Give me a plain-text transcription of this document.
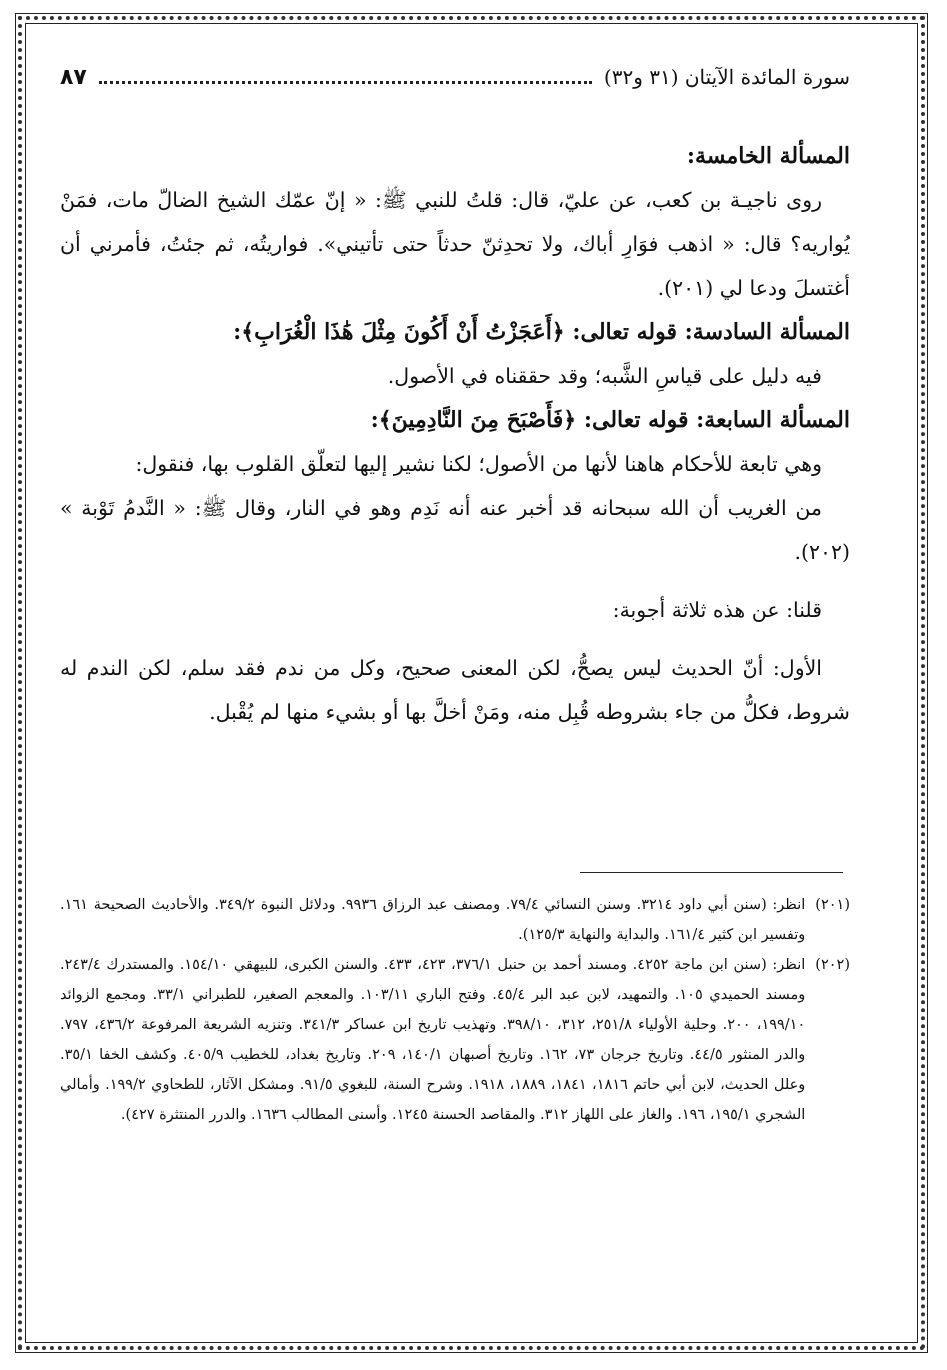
سورة المائدة الآيتان (٣١ و٣٢)
٨٧

المسألة الخامسة:

روى ناجيـة بن كعب، عن عليّ، قال: قلتُ للنبي ﷺ: « إنّ عمّك الشيخ الضالّ مات، فمَنْ يُواريه؟ قال: « اذهب فوَارِ أباك، ولا تحدِثنّ حدثاً حتى تأتيني». فواريتُه، ثم جئتُ، فأمرني أن أغتسلَ ودعا لي (٢٠١).

المسألة السادسة: قوله تعالى: ﴿أَعَجَزْتُ أَنْ أَكُونَ مِثْلَ هَٰذَا الْغُرَابِ﴾:

فيه دليل على قياسِ الشَّبه؛ وقد حققناه في الأصول.

المسألة السابعة: قوله تعالى: ﴿فَأَصْبَحَ مِنَ النَّادِمِينَ﴾:

وهي تابعة للأحكام هاهنا لأنها من الأصول؛ لكنا نشير إليها لتعلّق القلوب بها، فنقول:

من الغريب أن الله سبحانه قد أخبر عنه أنه نَدِم وهو في النار، وقال ﷺ: « النَّدمُ تَوْبة » (٢٠٢).

قلنا: عن هذه ثلاثة أجوبة:

الأول: أنّ الحديث ليس يصحُّ، لكن المعنى صحيح، وكل من ندم فقد سلم، لكن الندم له شروط، فكلُّ من جاء بشروطه قُبِل منه، ومَنْ أخلَّ بها أو بشيء منها لم يُقْبل.

(٢٠١)
انظر: (سنن أبي داود ٣٢١٤. وسنن النسائي ٧٩/٤. ومصنف عبد الرزاق ٩٩٣٦. ودلائل النبوة ٣٤٩/٢. والأحاديث الصحيحة ١٦١. وتفسير ابن كثير ١٦١/٤. والبداية والنهاية ١٢٥/٣).
(٢٠٢)
انظر: (سنن ابن ماجة ٤٢٥٢. ومسند أحمد بن حنبل ٣٧٦/١، ٤٢٣، ٤٣٣. والسنن الكبرى، للبيهقي ١٥٤/١٠. والمستدرك ٢٤٣/٤. ومسند الحميدي ١٠٥. والتمهيد، لابن عبد البر ٤٥/٤. وفتح الباري ١٠٣/١١. والمعجم الصغير، للطبراني ٣٣/١. ومجمع الزوائد ١٩٩/١٠، ٢٠٠. وحلية الأولياء ٢٥١/٨، ٣١٢، ٣٩٨/١٠. وتهذيب تاريخ ابن عساكر ٣٤١/٣. وتنزيه الشريعة المرفوعة ٤٣٦/٢، ٧٩٧. والدر المنثور ٤٤/٥. وتاريخ جرجان ٧٣، ١٦٢. وتاريخ أصبهان ١٤٠/١، ٢٠٩. وتاريخ بغداد، للخطيب ٤٠٥/٩. وكشف الخفا ٣٥/١. وعلل الحديث، لابن أبي حاتم ١٨١٦، ١٨٤١، ١٨٨٩، ١٩١٨. وشرح السنة، للبغوي ٩١/٥. ومشكل الآثار، للطحاوي ١٩٩/٢. وأمالي الشجري ١٩٥/١، ١٩٦. والغاز على اللهاز ٣١٢. والمقاصد الحسنة ١٢٤٥. وأسنى المطالب ١٦٣٦. والدرر المنتثرة ٤٢٧).
